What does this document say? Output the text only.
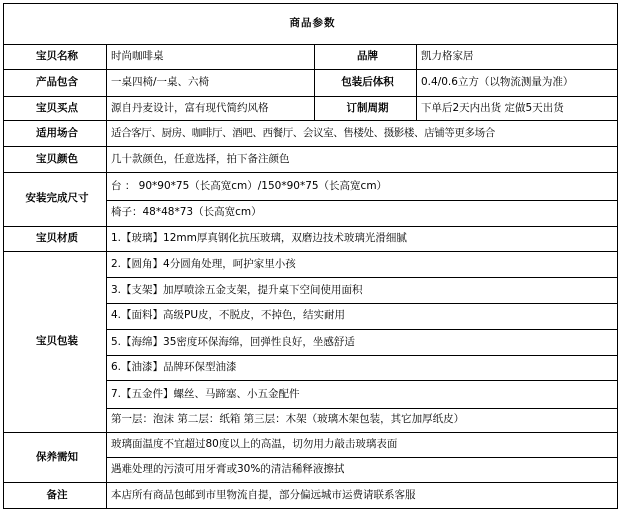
商品参数			
宝贝名称	时尚咖啡桌	品牌	凯力格家居
产品包含	一桌四椅/一桌、六椅	包装后体积	0.4/0.6立方（以物流测量为准）
宝贝买点	源自丹麦设计，富有现代简约风格	订制周期	下单后2天内出货 定做5天出货
适用场合	适合客厅、厨房、咖啡厅、酒吧、西餐厅、会议室、售楼处、摄影楼、店铺等更多场合		
宝贝颜色	几十款颜色，任意选择，拍下备注颜色		
安装完成尺寸	台 ： 90*90*75（长高宽cm）/150*90*75（长高宽cm）		
	椅子：48*48*73（长高宽cm）		
宝贝材质	1.【玻璃】12mm厚真钢化抗压玻璃，双磨边技术玻璃光滑细腻		
宝贝包装	2.【圆角】4分圆角处理，呵护家里小孩		
	3.【支架】加厚喷涂五金支架，提升桌下空间使用面积		
	4.【面料】高级PU皮，不脱皮，不掉色，结实耐用		
	5.【海绵】35密度环保海绵，回弹性良好，坐感舒适		
	6.【油漆】品牌环保型油漆		
	7.【五金件】螺丝、马蹄塞、小五金配件		
	第一层：泡沫 第二层：纸箱 第三层：木架（玻璃木架包装，其它加厚纸皮）		
保养需知	玻璃面温度不宜超过80度以上的高温，切勿用力敲击玻璃表面		
	遇难处理的污渍可用牙膏或30%的清洁稀释液擦拭		
备注	本店所有商品包邮到市里物流自提，部分偏远城市运费请联系客服		
